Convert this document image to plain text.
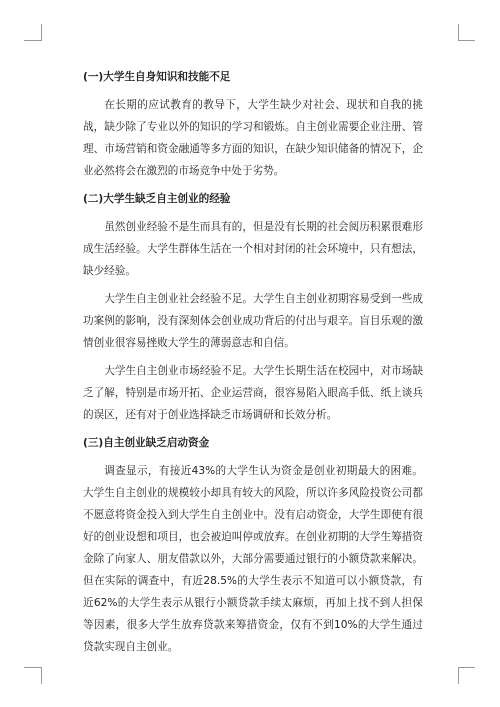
(一)大学生自身知识和技能不足

在长期的应试教育的教导下，大学生缺少对社会、现状和自我的挑战，缺少除了专业以外的知识的学习和锻炼。自主创业需要企业注册、管理、市场营销和资金融通等多方面的知识，在缺少知识储备的情况下，企业必然将会在激烈的市场竞争中处于劣势。

(二)大学生缺乏自主创业的经验

虽然创业经验不是生而具有的，但是没有长期的社会阅历积累很难形成生活经验。大学生群体生活在一个相对封闭的社会环境中，只有想法，缺少经验。

大学生自主创业社会经验不足。大学生自主创业初期容易受到一些成功案例的影响，没有深刻体会创业成功背后的付出与艰辛。盲目乐观的激情创业很容易挫败大学生的薄弱意志和自信。

大学生自主创业市场经验不足。大学生长期生活在校园中，对市场缺乏了解，特别是市场开拓、企业运营商，很容易陷入眼高手低、纸上谈兵的误区，还有对于创业选择缺乏市场调研和长效分析。

(三)自主创业缺乏启动资金

调查显示，有接近43%的大学生认为资金是创业初期最大的困难。大学生自主创业的规模较小却具有较大的风险，所以许多风险投资公司都不愿意将资金投入到大学生自主创业中。没有启动资金，大学生即使有很好的创业设想和项目，也会被迫叫停或放弃。在创业初期的大学生筹措资金除了向家人、朋友借款以外，大部分需要通过银行的小额贷款来解决。但在实际的调查中，有近28.5%的大学生表示不知道可以小额贷款，有近62%的大学生表示从银行小额贷款手续太麻烦，再加上找不到人担保等因素，很多大学生放弃贷款来筹措资金，仅有不到10%的大学生通过贷款实现自主创业。
